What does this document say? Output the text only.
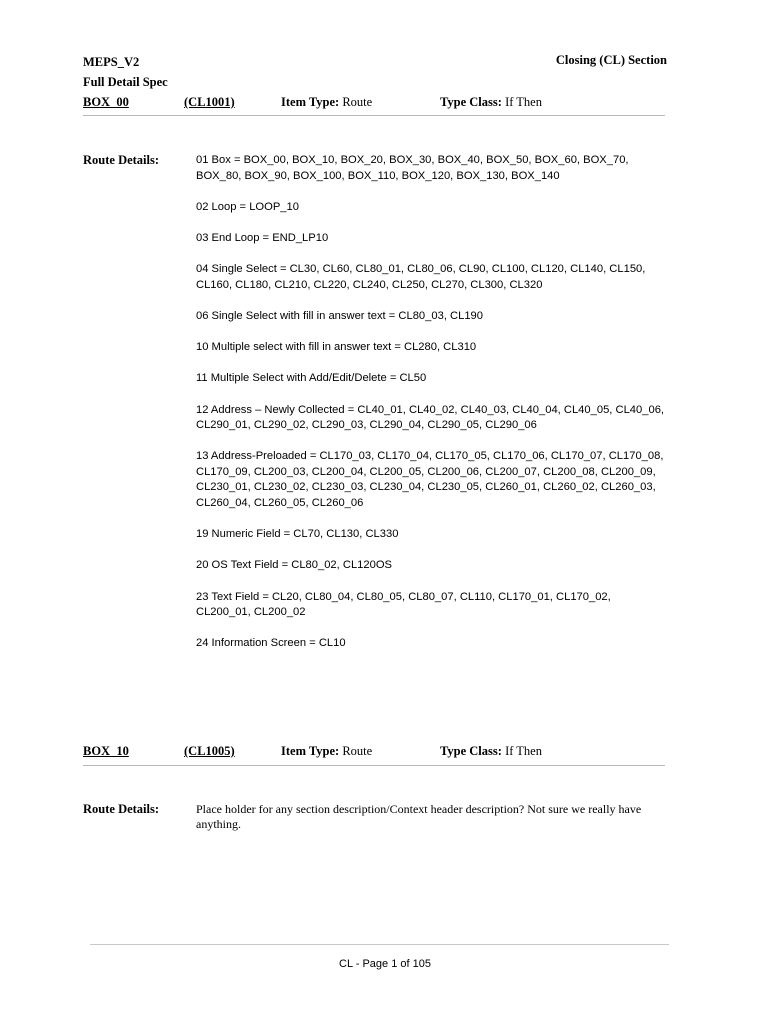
MEPS_V2
Full Detail Spec
Closing (CL) Section
BOX_00	(CL1001)	Item Type: Route	Type Class: If Then
Route Details:	01 Box = BOX_00, BOX_10, BOX_20, BOX_30, BOX_40, BOX_50, BOX_60, BOX_70, BOX_80, BOX_90, BOX_100, BOX_110, BOX_120, BOX_130, BOX_140

02 Loop = LOOP_10

03 End Loop = END_LP10

04 Single Select = CL30, CL60, CL80_01, CL80_06, CL90, CL100, CL120, CL140, CL150, CL160, CL180, CL210, CL220, CL240, CL250, CL270, CL300, CL320

06 Single Select with fill in answer text = CL80_03, CL190

10 Multiple select with fill in answer text = CL280, CL310

11 Multiple Select with Add/Edit/Delete = CL50

12 Address – Newly Collected = CL40_01, CL40_02, CL40_03, CL40_04, CL40_05, CL40_06, CL290_01, CL290_02, CL290_03, CL290_04, CL290_05, CL290_06

13 Address-Preloaded = CL170_03, CL170_04, CL170_05, CL170_06, CL170_07, CL170_08, CL170_09, CL200_03, CL200_04, CL200_05, CL200_06, CL200_07, CL200_08, CL200_09, CL230_01, CL230_02, CL230_03, CL230_04, CL230_05, CL260_01, CL260_02, CL260_03, CL260_04, CL260_05, CL260_06

19 Numeric Field = CL70, CL130, CL330

20 OS Text Field = CL80_02, CL120OS

23 Text Field = CL20, CL80_04, CL80_05, CL80_07, CL110, CL170_01, CL170_02, CL200_01, CL200_02

24 Information Screen = CL10

BOX_10	(CL1005)	Item Type: Route	Type Class: If Then
Route Details:	Place holder for any section description/Context header description? Not sure we really have anything.
CL - Page 1 of 105
